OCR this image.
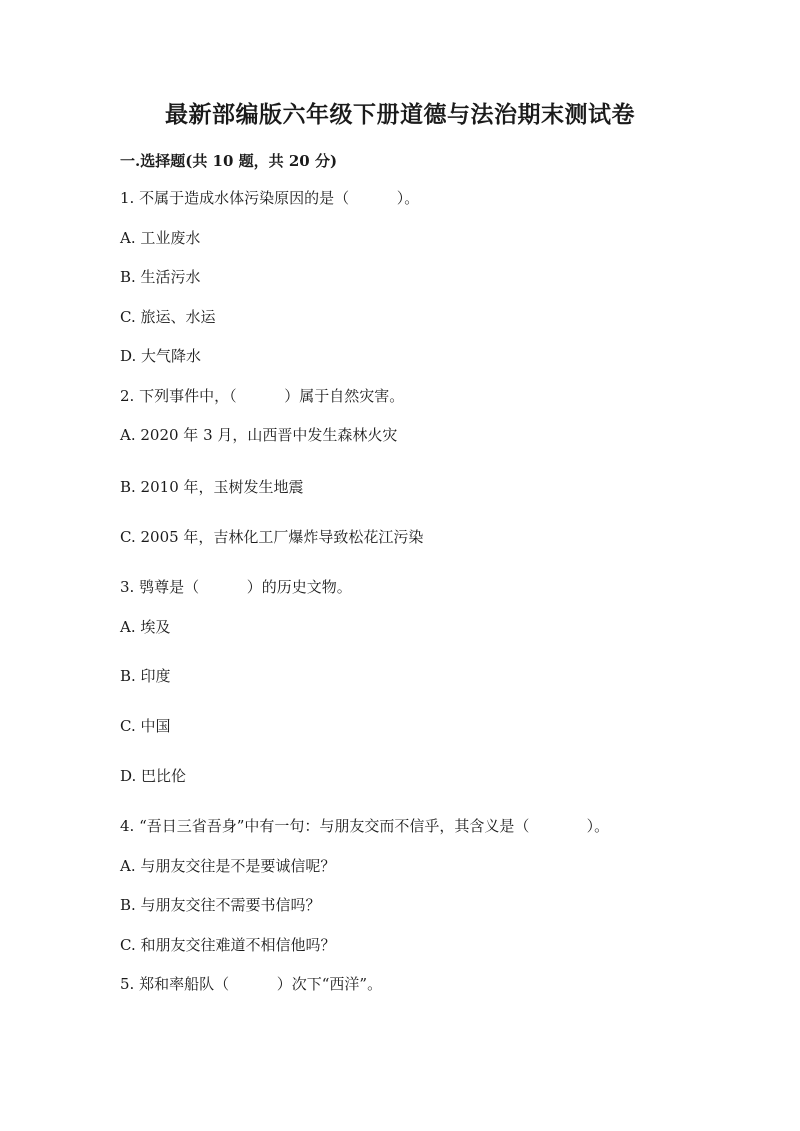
最新部编版六年级下册道德与法治期末测试卷
一.选择题(共 10 题，共 20 分)
1. 不属于造成水体污染原因的是（          ）。
A. 工业废水
B. 生活污水
C. 旅运、水运
D. 大气降水
2. 下列事件中，（          ）属于自然灾害。
A. 2020 年 3 月，山西晋中发生森林火灾
B. 2010 年，玉树发生地震
C. 2005 年，吉林化工厂爆炸导致松花江污染
3. 鸮尊是（          ）的历史文物。
A. 埃及
B. 印度
C. 中国
D. 巴比伦
4. “吾日三省吾身”中有一句：与朋友交而不信乎，其含义是（            ）。
A. 与朋友交往是不是要诚信呢？
B. 与朋友交往不需要书信吗？
C. 和朋友交往难道不相信他吗？
5. 郑和率船队（          ）次下“西洋”。
